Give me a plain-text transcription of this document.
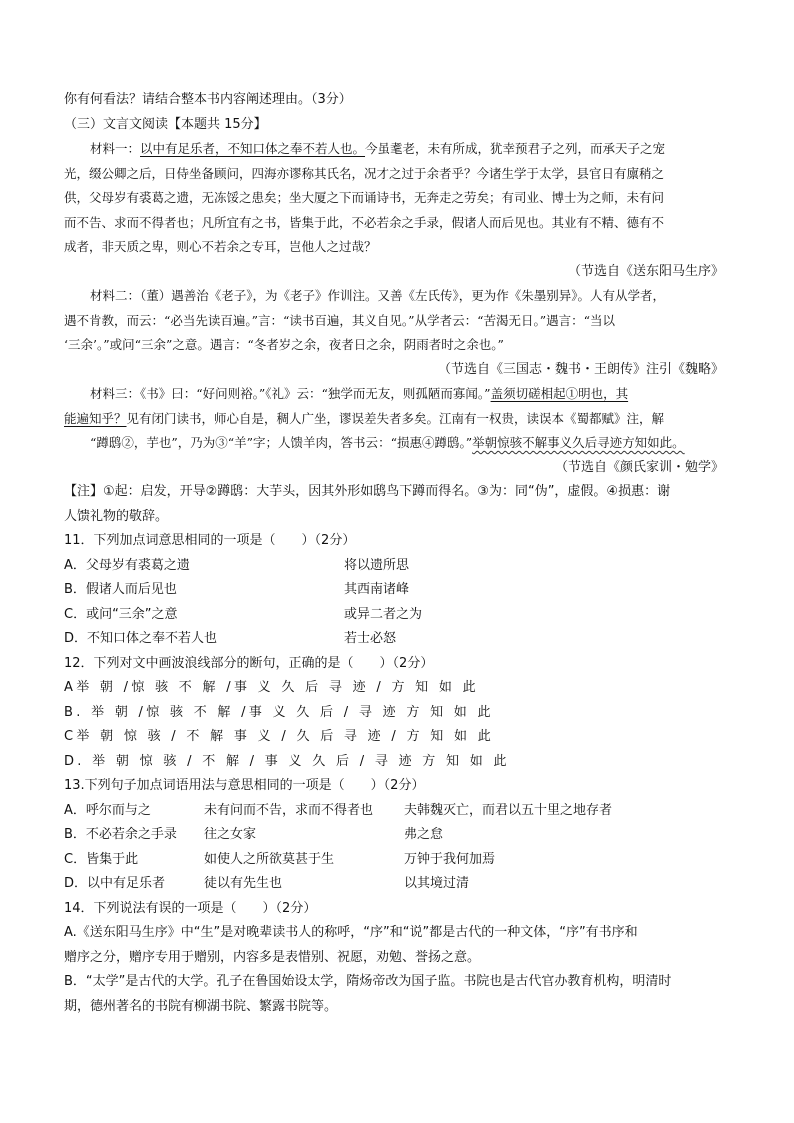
你有何看法？请结合整本书内容阐述理由。（3分）
（三）文言文阅读【本题共 15分】
材料一：以中有足乐者，不知口体之奉不若人也。今虽耄老，未有所成，犹幸预君子之列，而承天子之宠
光，缀公卿之后，日侍坐备顾问，四海亦谬称其氏名，况才之过于余者乎？今诸生学于太学，县官日有廪稍之
供，父母岁有裘葛之遗，无冻馁之患矣；坐大厦之下而诵诗书，无奔走之劳矣；有司业、博士为之师，未有问
而不告、求而不得者也；凡所宜有之书，皆集于此，不必若余之手录，假诸人而后见也。其业有不精、德有不
成者，非天质之卑，则心不若余之专耳，岂他人之过哉？
（节选自《送东阳马生序》
材料二：（董）遇善治《老子》，为《老子》作训注。又善《左氏传》，更为作《朱墨别异》。人有从学者，
遇不肯教，而云：“必当先读百遍。”言：“读书百遍，其义自见。”从学者云：“苦渴无日。”遇言：“当以
‘三余’。”或问“三余”之意。遇言：“冬者岁之余，夜者日之余，阴雨者时之余也。”
（节选自《三国志・魏书・王朗传》注引《魏略》
材料三：《书》曰：“好问则裕。”《礼》云：“独学而无友，则孤陋而寡闻。”盖须切磋相起①明也，其
能遍知乎？见有闭门读书，师心自是，稠人广坐，谬误差失者多矣。江南有一权贵，读误本《蜀都赋》注，解
“蹲鸱②，芋也”，乃为③“羊”字；人馈羊肉，答书云：“损惠④蹲鸱。”举朝惊骇不解事义久后寻迹方知如此。
（节选自《颜氏家训・勉学》
【注】①起：启发，开导②蹲鸱：大芋头，因其外形如鸱鸟下蹲而得名。③为：同“伪”，虚假。④损惠：谢
人馈礼物的敬辞。
11．下列加点词意思相同的一项是（　　）（2分）
A．父母岁有裘葛之遗	将以遗所思
B．假诸人而后见也	其西南诸峰
C．或问“三余”之意	或异二者之为
D．不知口体之奉不若人也	若士必怒
12．下列对文中画波浪线部分的断句，正确的是（　　）（2分）
A举 朝 /惊 骇 不 解 /事 义 久 后 寻 迹 / 方 知 如 此
B. 举 朝 /惊 骇 不 解 /事 义 久 后 / 寻 迹 方 知 如 此
C举 朝 惊 骇 / 不 解 事 义 / 久 后 寻 迹 / 方 知 如 此
D. 举 朝 惊 骇 / 不 解 / 事 义 久 后 / 寻 迹 方 知 如 此
13.下列句子加点词语用法与意思相同的一项是（　　）（2分）
A．呼尔而与之	未有问而不告，求而不得者也	夫韩魏灭亡，而君以五十里之地存者
B．不必若余之手录	往之女家	弗之怠
C．皆集于此	如使人之所欲莫甚于生	万钟于我何加焉
D．以中有足乐者	徒以有先生也	以其境过清
14．下列说法有误的一项是（　　）（2分）
A.《送东阳马生序》中“生”是对晚辈读书人的称呼，“序”和“说”都是古代的一种文体，“序”有书序和
赠序之分，赠序专用于赠别，内容多是表惜别、祝愿，劝勉、誉扬之意。
B．“太学”是古代的大学。孔子在鲁国始设太学，隋炀帝改为国子监。书院也是古代官办教育机构，明清时
期，德州著名的书院有柳湖书院、繁露书院等。
